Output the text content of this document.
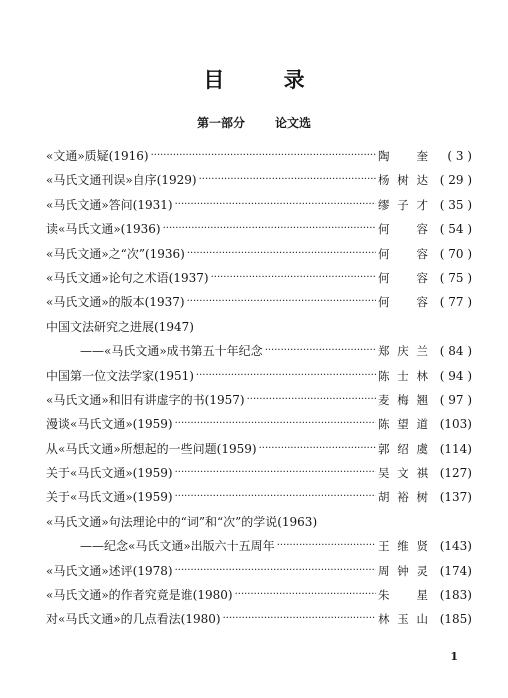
目 录
第一部分	论文选
«文通»质疑(1916) ·····	陶 奎	( 3 )
«马氏文通刊误»自序(1929) ·····	杨树达 ( 29 )
«马氏文通»答问(1931) ·····	缪子才 ( 35 )
读«马氏文通»(1936) ·····	何 容 ( 54 )
«马氏文通»之“次”(1936) ·····	何 容 ( 70 )
«马氏文通»论句之术语(1937) ·····	何 容 ( 75 )
«马氏文通»的版本(1937) ·····	何 容 ( 77 )
中国文法研究之进展(1947)
——«马氏文通»成书第五十年纪念 ·····	郑庆兰 ( 84 )
中国第一位文法学家(1951) ·····	陈士林 ( 94 )
«马氏文通»和旧有讲虚字的书(1957) ·····	麦梅翘 ( 97 )
漫谈«马氏文通»(1959) ·····	陈望道 (103)
从«马氏文通»所想起的一些问题(1959) ·····	郭绍虞 (114)
关于«马氏文通»(1959) ·····	吴文祺 (127)
关于«马氏文通»(1959) ·····	胡裕树 (137)
«马氏文通»句法理论中的“词”和“次”的学说(1963)
——纪念«马氏文通»出版六十五周年 ·····	王维贤 (143)
«马氏文通»述评(1978) ·····	周钟灵 (174)
«马氏文通»的作者究竟是谁(1980) ·····	朱 星 (183)
对«马氏文通»的几点看法(1980) ·····	林玉山 (185)
1
